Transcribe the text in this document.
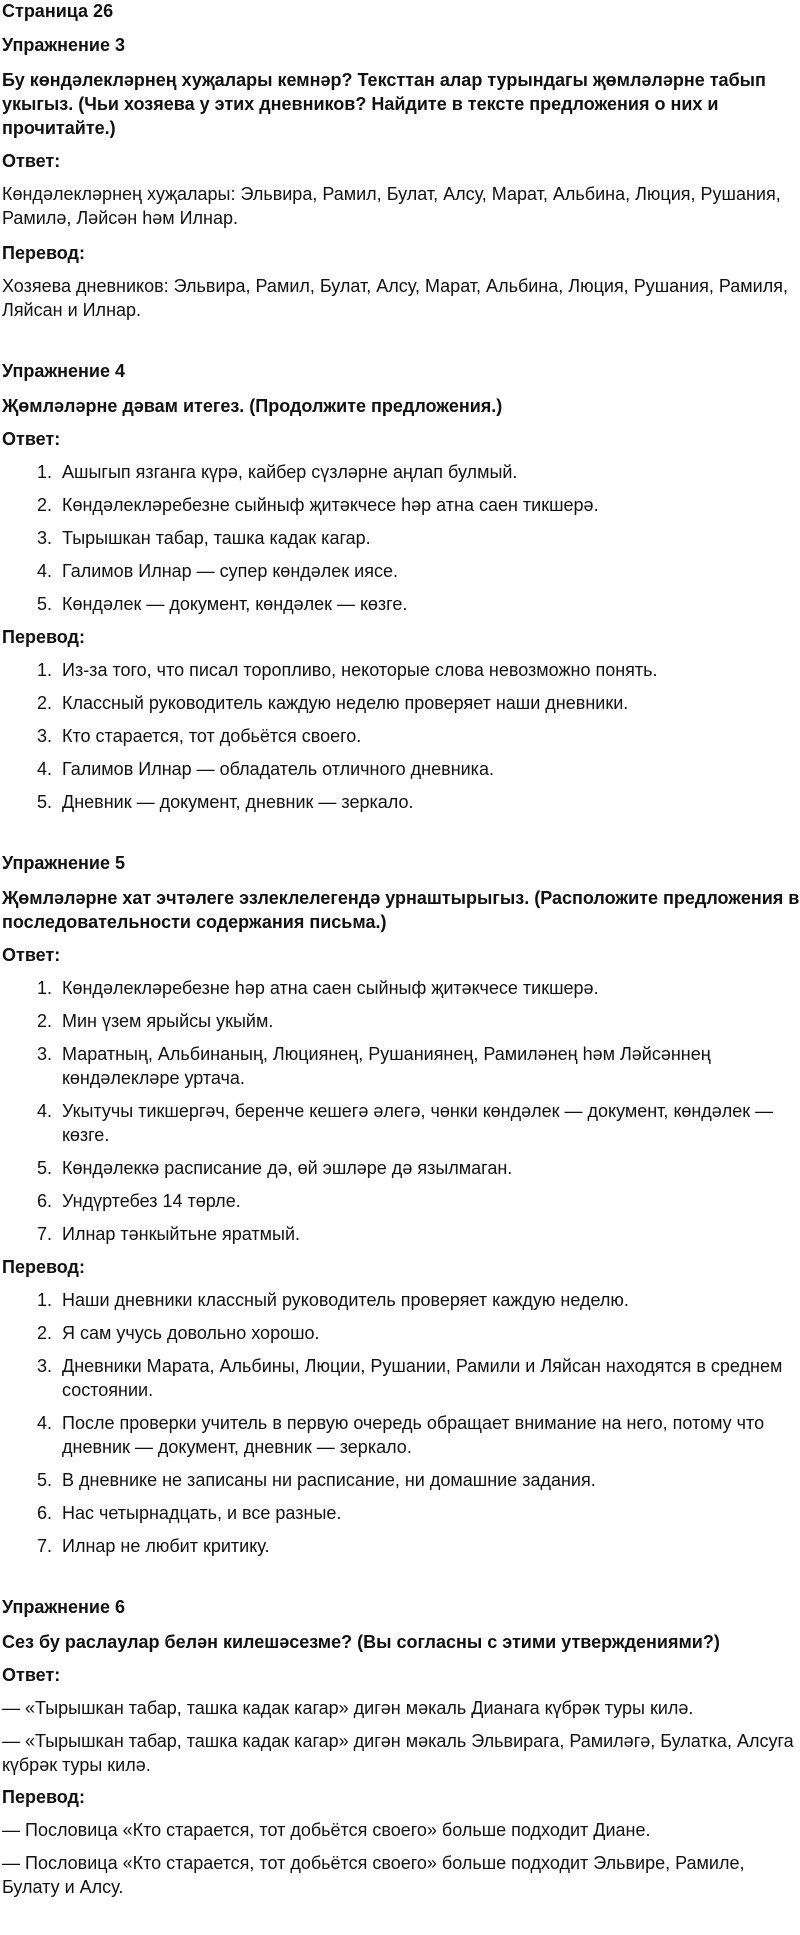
Страница 26
Упражнение 3
Бу көндәлекләрнең хуҗалары кемнәр? Тексттан алар турындагы җөмләләрне табып укыгыз. (Чьи хозяева у этих дневников? Найдите в тексте предложения о них и прочитайте.)
Ответ:
Көндәлекләрнең хуҗалары: Эльвира, Рамил, Булат, Алсу, Марат, Альбина, Люция, Рушания, Рамилә, Ләйсән һәм Илнар.
Перевод:
Хозяева дневников: Эльвира, Рамил, Булат, Алсу, Марат, Альбина, Люция, Рушания, Рамиля, Ляйсан и Илнар.
Упражнение 4
Җөмләләрне дәвам итегез. (Продолжите предложения.)
Ответ:
1. Ашыгып язганга күрә, кайбер сүзләрне аңлап булмый.
2. Көндәлекләребезне сыйныф җитәкчесе һәр атна саен тикшерә.
3. Тырышкан табар, ташка кадак кагар.
4. Галимов Илнар — супер көндәлек иясе.
5. Көндәлек — документ, көндәлек — көзге.
Перевод:
1. Из-за того, что писал торопливо, некоторые слова невозможно понять.
2. Классный руководитель каждую неделю проверяет наши дневники.
3. Кто старается, тот добьётся своего.
4. Галимов Илнар — обладатель отличного дневника.
5. Дневник — документ, дневник — зеркало.
Упражнение 5
Җөмләләрне хат эчтәлеге эзлеклелегендә урнаштырыгыз. (Расположите предложения в последовательности содержания письма.)
Ответ:
1. Көндәлекләребезне һәр атна саен сыйныф җитәкчесе тикшерә.
2. Мин үзем ярыйсы укыйм.
3. Маратның, Альбинаның, Люциянең, Рушаниянең, Рамиләнең һәм Ләйсәннең көндәлекләре уртача.
4. Укытучы тикшергәч, беренче кешегә әлегә, чөнки көндәлек — документ, көндәлек — көзге.
5. Көндәлеккә расписание дә, өй эшләре дә язылмаган.
6. Ундүртебез 14 төрле.
7. Илнар тәнкыйтьне яратмый.
Перевод:
1. Наши дневники классный руководитель проверяет каждую неделю.
2. Я сам учусь довольно хорошо.
3. Дневники Марата, Альбины, Люции, Рушании, Рамили и Ляйсан находятся в среднем состоянии.
4. После проверки учитель в первую очередь обращает внимание на него, потому что дневник — документ, дневник — зеркало.
5. В дневнике не записаны ни расписание, ни домашние задания.
6. Нас четырнадцать, и все разные.
7. Илнар не любит критику.
Упражнение 6
Сез бу раслаулар белән килешәсезме? (Вы согласны с этими утверждениями?)
Ответ:
— «Тырышкан табар, ташка кадак кагар» дигән мәкаль Дианага күбрәк туры килә.
— «Тырышкан табар, ташка кадак кагар» дигән мәкаль Эльвирага, Рамиләгә, Булатка, Алсуга күбрәк туры килә.
Перевод:
— Пословица «Кто старается, тот добьётся своего» больше подходит Диане.
— Пословица «Кто старается, тот добьётся своего» больше подходит Эльвире, Рамиле, Булату и Алсу.
